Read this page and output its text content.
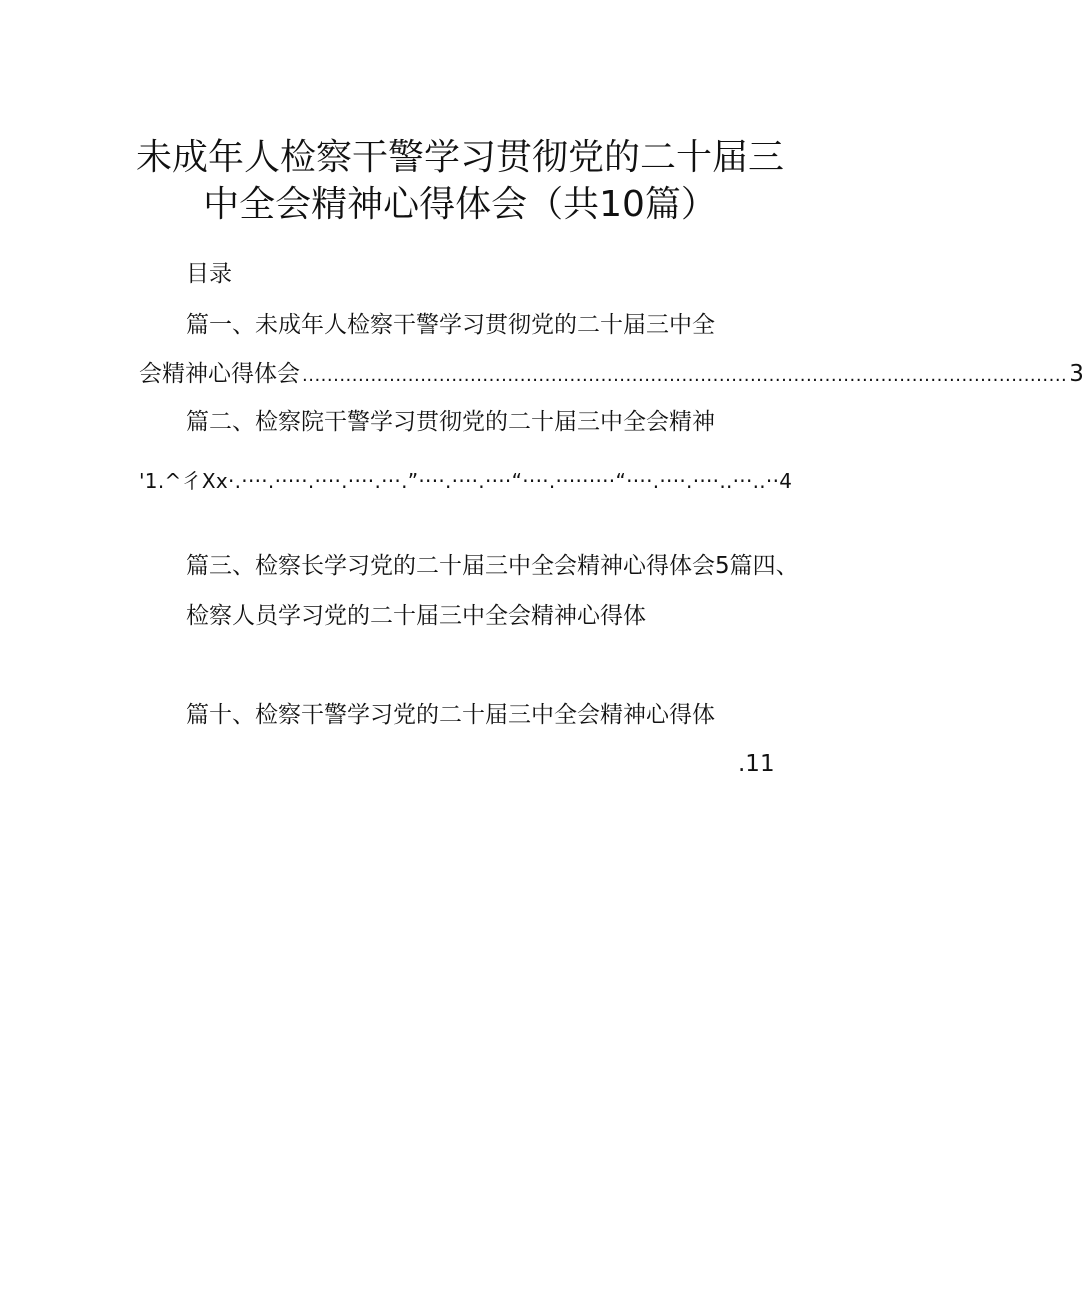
未成年人检察干警学习贯彻党的二十届三
中全会精神心得体会（共10篇）
目录
篇一、未成年人检察干警学习贯彻党的二十届三中全
会精神心得体会 ........................................................................................................................... 3
篇二、检察院干警学习贯彻党的二十届三中全会精神
'1.^彳Xx·.····.·····.····.····.···.”····.····.····“····.·········“····.····.····..···..··4
篇三、检察长学习党的二十届三中全会精神心得体会5篇四、
检察人员学习党的二十届三中全会精神心得体
篇十、检察干警学习党的二十届三中全会精神心得体
.11
